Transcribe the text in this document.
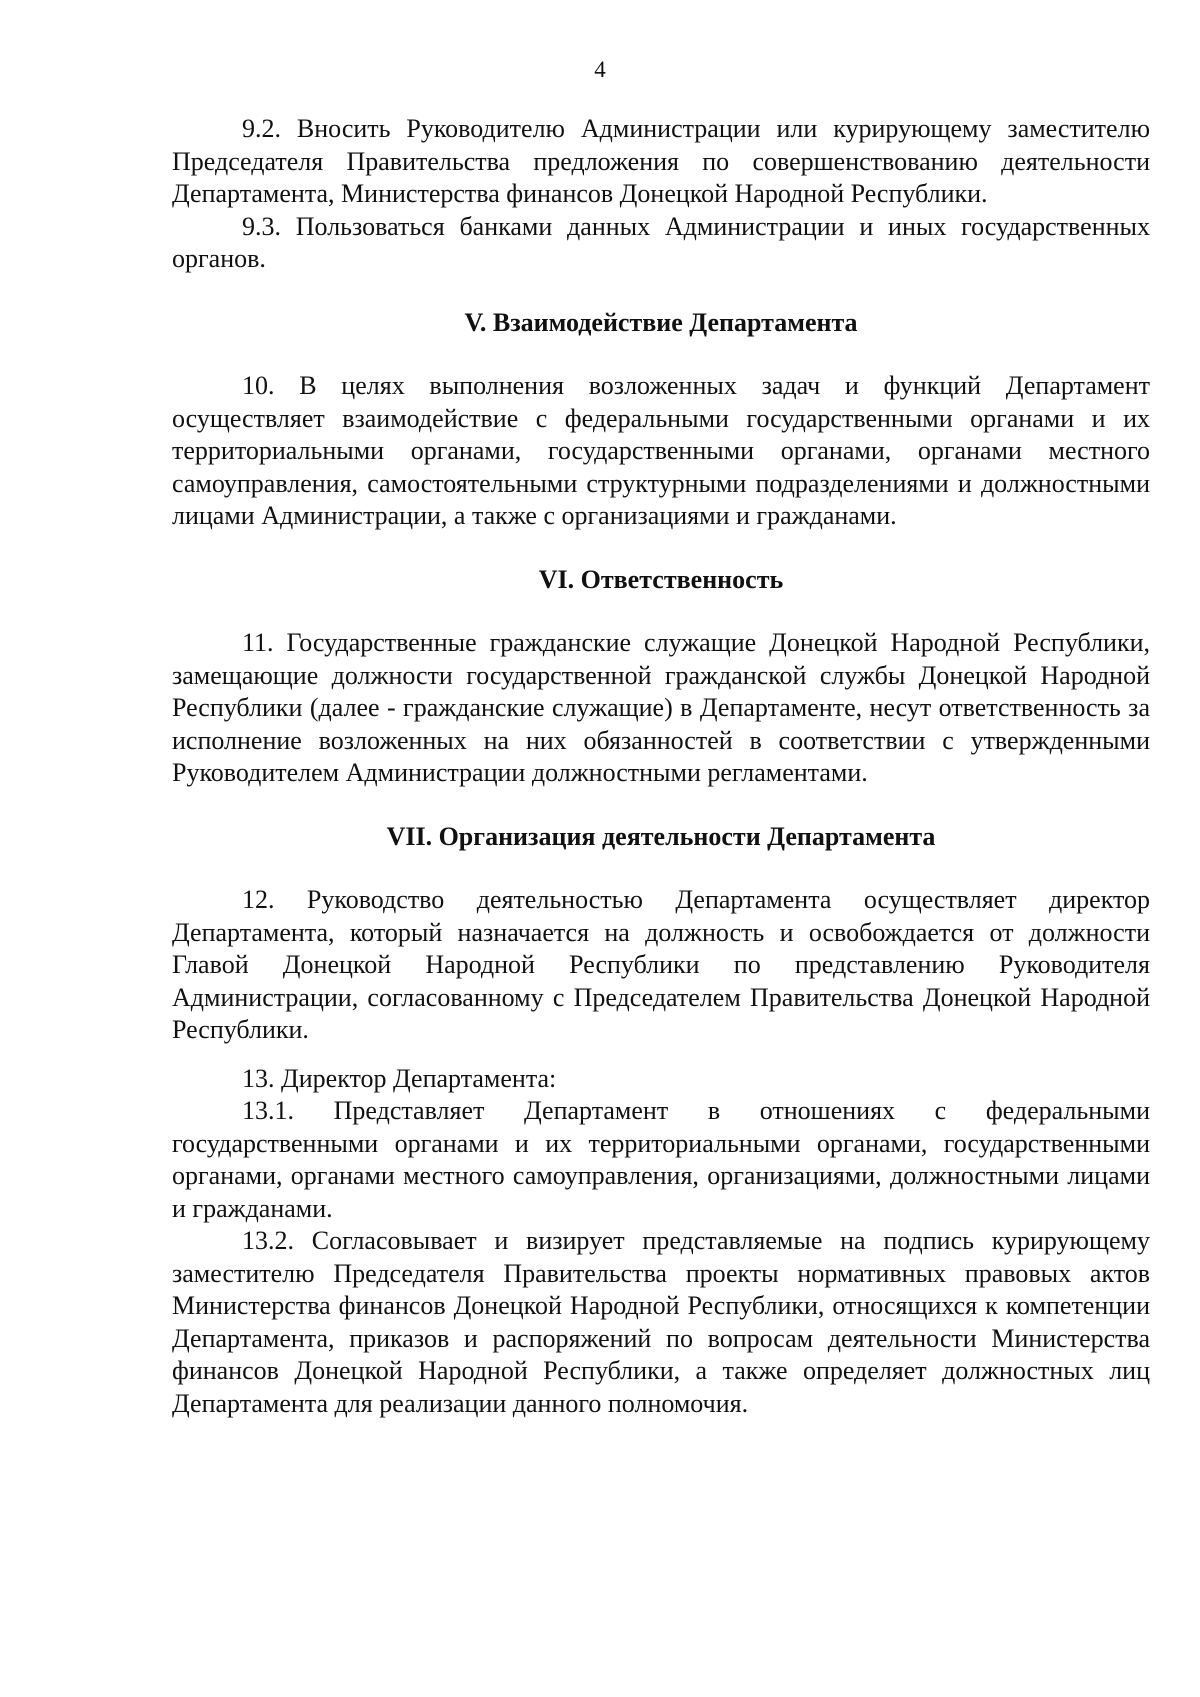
4

9.2. Вносить Руководителю Администрации или курирующему заместителю Председателя Правительства предложения по совершенствованию деятельности Департамента, Министерства финансов Донецкой Народной Республики.

9.3. Пользоваться банками данных Администрации и иных государственных органов.

V. Взаимодействие Департамента

10. В целях выполнения возложенных задач и функций Департамент осуществляет взаимодействие с федеральными государственными органами и их территориальными органами, государственными органами, органами местного самоуправления, самостоятельными структурными подразделениями и должностными лицами Администрации, а также с организациями и гражданами.

VI. Ответственность

11. Государственные гражданские служащие Донецкой Народной Республики, замещающие должности государственной гражданской службы Донецкой Народной Республики (далее - гражданские служащие) в Департаменте, несут ответственность за исполнение возложенных на них обязанностей в соответствии с утвержденными Руководителем Администрации должностными регламентами.

VII. Организация деятельности Департамента

12. Руководство деятельностью Департамента осуществляет директор Департамента, который назначается на должность и освобождается от должности Главой Донецкой Народной Республики по представлению Руководителя Администрации, согласованному с Председателем Правительства Донецкой Народной Республики.

13. Директор Департамента:

13.1. Представляет Департамент в отношениях с федеральными государственными органами и их территориальными органами, государственными органами, органами местного самоуправления, организациями, должностными лицами и гражданами.

13.2. Согласовывает и визирует представляемые на подпись курирующему заместителю Председателя Правительства проекты нормативных правовых актов Министерства финансов Донецкой Народной Республики, относящихся к компетенции Департамента, приказов и распоряжений по вопросам деятельности Министерства финансов Донецкой Народной Республики, а также определяет должностных лиц Департамента для реализации данного полномочия.
